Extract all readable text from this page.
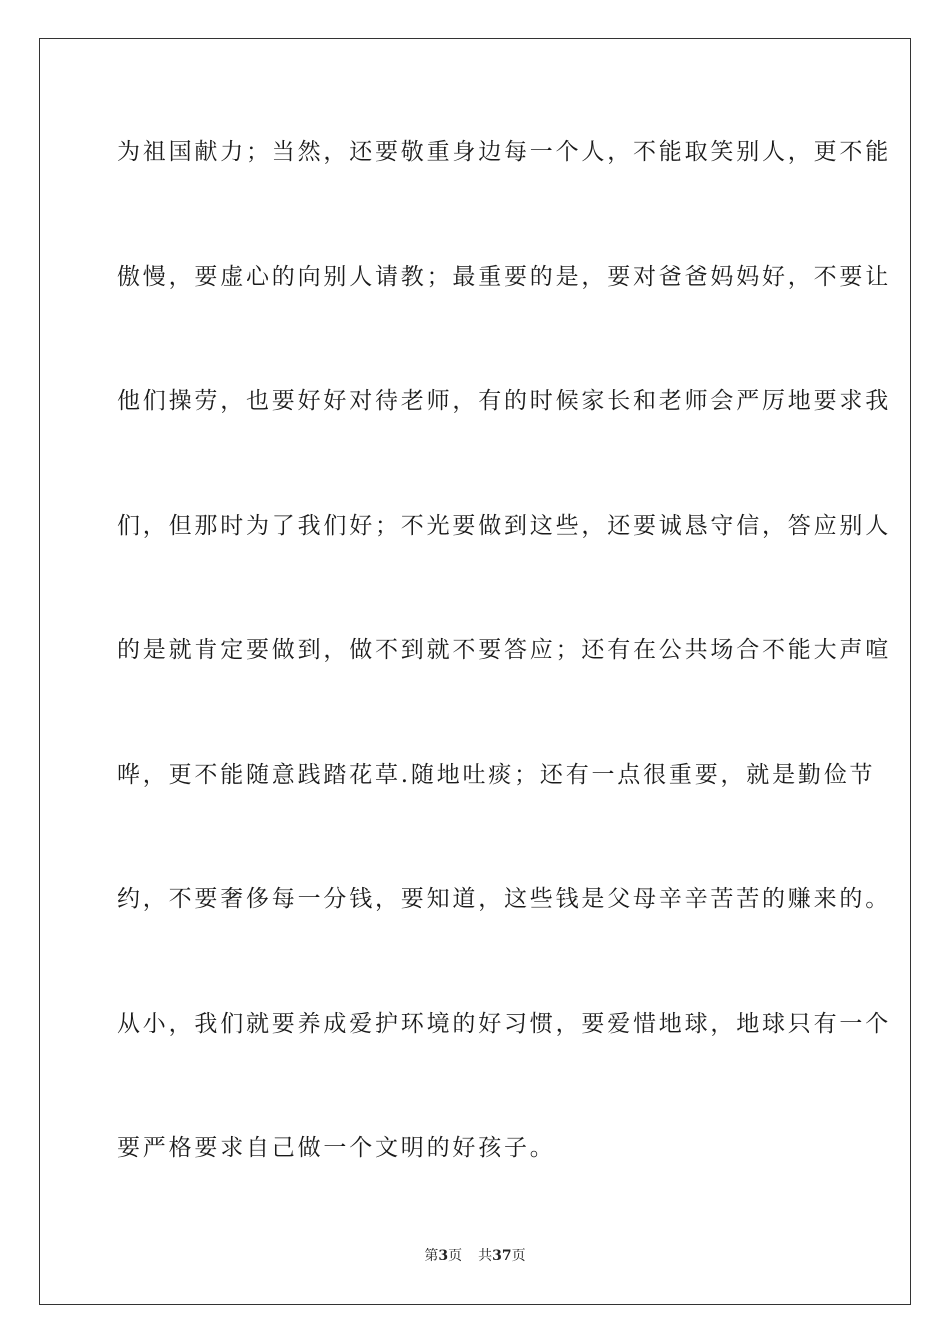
为祖国献力；当然，还要敬重身边每一个人，不能取笑别人，更不能
傲慢，要虚心的向别人请教；最重要的是，要对爸爸妈妈好，不要让
他们操劳，也要好好对待老师，有的时候家长和老师会严厉地要求我
们，但那时为了我们好；不光要做到这些，还要诚恳守信，答应别人
的是就肯定要做到，做不到就不要答应；还有在公共场合不能大声喧
哗，更不能随意践踏花草.随地吐痰；还有一点很重要，就是勤俭节
约，不要奢侈每一分钱，要知道，这些钱是父母辛辛苦苦的赚来的。
从小，我们就要养成爱护环境的好习惯，要爱惜地球，地球只有一个
要严格要求自己做一个文明的好孩子。
第3页 共37页
